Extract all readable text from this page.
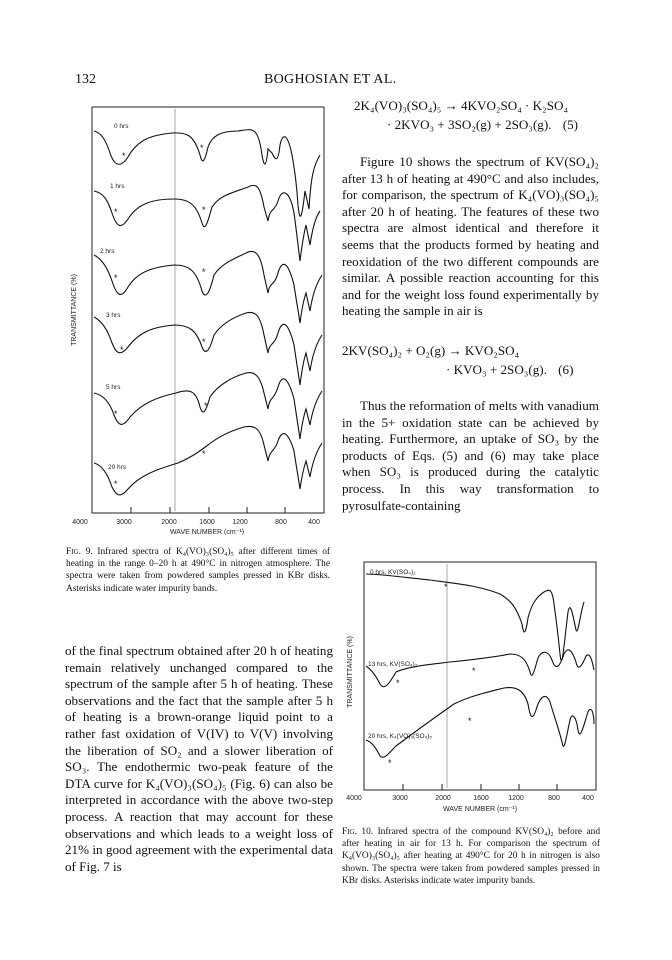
132	BOGHOSIAN ET AL.
4000	3000	2000	1600 1200	800	400
WAVE NUMBER (cm⁻¹)
TRANSMITTANCE (%)
0 hrs
1 hrs
2 hrs
3 hrs
5 hrs
20 hrs
*
*
*	*
*
*
*
*
*
*
*
*
Fig. 9. Infrared spectra of K₄(VO)₃(SO₄)₅ after different times of heating in the range 0–20 h at 490°C in nitrogen atmosphere. The spectra were taken from powdered samples pressed in KBr disks. Asterisks indicate water impurity bands.

of the final spectrum obtained after 20 h of heating remain relatively unchanged compared to the spectrum of the sample after 5 h of heating. These observations and the fact that the sample after 5 h of heating is a brown-orange liquid point to a rather fast oxidation of V(IV) to V(V) involving the liberation of SO₂ and a slower liberation of SO₃. The endothermic two-peak feature of the DTA curve for K₄(VO)₃(SO₄)₅ (Fig. 6) can also be interpreted in accordance with the above two-step process. A reaction that may account for these observations and which leads to a weight loss of 21% in good agreement with the experimental data of Fig. 7 is

2K₄(VO)₃(SO₄)₅ → 4KVO₂SO₄ · K₂SO₄
· 2KVO₃ + 3SO₂(g) + 2SO₃(g). (5)

Figure 10 shows the spectrum of KV(SO₄)₂ after 13 h of heating at 490°C and also includes, for comparison, the spectrum of K₄(VO)₃(SO₄)₅ after 20 h of heating. The features of these two spectra are almost identical and therefore it seems that the products formed by heating and reoxidation of the two different compounds are similar. A possible reaction accounting for this and for the weight loss found experimentally by heating the sample in air is

2KV(SO₄)₂ + O₂(g) → KVO₂SO₄
· KVO₃ + 2SO₃(g). (6)

Thus the reformation of melts with vanadium in the 5+ oxidation state can be achieved by heating. Furthermore, an uptake of SO₃ by the products of Eqs. (5) and (6) may take place when SO₃ is produced during the catalytic process. In this way transformation to pyrosulfate-containing

4000	3000	2000	1600	1200	800	400
WAVE NUMBER (cm⁻¹)
TRANSMITTANCE (%)
0 hrs, KV(SO₄)₂
13 hrs, KV(SO₄)₂
20 hrs, K₄(VO)₃(SO₄)₅
*
*
*
*
*
Fig. 10. Infrared spectra of the compound KV(SO₄)₂ before and after heating in air for 13 h. For comparison the spectrum of K₄(VO)₃(SO₄)₅ after heating at 490°C for 20 h in nitrogen is also shown. The spectra were taken from powdered samples pressed in KBr disks. Asterisks indicate water impurity bands.
